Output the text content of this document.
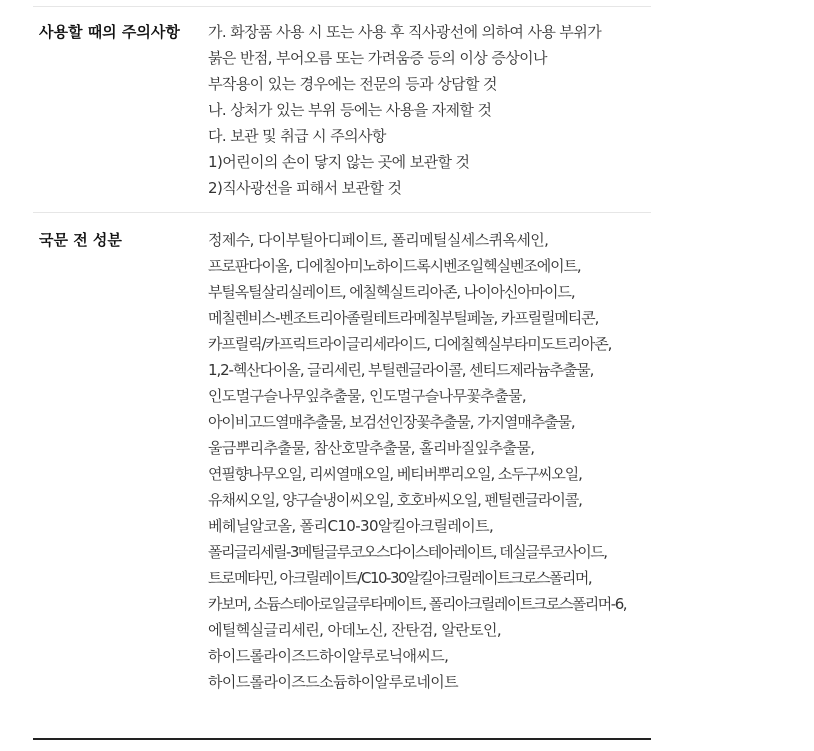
사용할 때의 주의사항 가. 화장품 사용 시 또는 사용 후 직사광선에 의하여 사용 부위가
붉은 반점, 부어오름 또는 가려움증 등의 이상 증상이나
부작용이 있는 경우에는 전문의 등과 상담할 것
나. 상처가 있는 부위 등에는 사용을 자제할 것
다. 보관 및 취급 시 주의사항
1)어린이의 손이 닿지 않는 곳에 보관할 것
2)직사광선을 피해서 보관할 것
국문 전 성분	정제수, 다이부틸아디페이트, 폴리메틸실세스퀴옥세인,
프로판다이올, 디에칠아미노하이드록시벤조일헥실벤조에이트,
부틸옥틸살리실레이트, 에칠헥실트리아존, 나이아신아마이드,
메칠렌비스-벤조트리아졸릴테트라메칠부틸페놀, 카프릴릴메티콘,
카프릴릭/카프릭트라이글리세라이드, 디에칠헥실부타미도트리아존,
1,2-헥산다이올, 글리세린, 부틸렌글라이콜, 센티드제라늄추출물,
인도멀구슬나무잎추출물, 인도멀구슬나무꽃추출물,
아이비고드열매추출물, 보검선인장꽃추출물, 가지열매추출물,
울금뿌리추출물, 참산호말추출물, 홀리바질잎추출물,
연필향나무오일, 리씨열매오일, 베티버뿌리오일, 소두구씨오일,
유채씨오일, 양구슬냉이씨오일, 호호바씨오일, 펜틸렌글라이콜,
베헤닐알코올, 폴리C10-30알킬아크릴레이트,
폴리글리세릴-3메틸글루코오스다이스테아레이트, 데실글루코사이드,
트로메타민, 아크릴레이트/C10-30알킬아크릴레이트크로스폴리머,
카보머, 소듐스테아로일글루타메이트, 폴리아크릴레이트크로스폴리머-6,
에틸헥실글리세린, 아데노신, 잔탄검, 알란토인,
하이드롤라이즈드하이알루로닉애씨드,
하이드롤라이즈드소듐하이알루로네이트
